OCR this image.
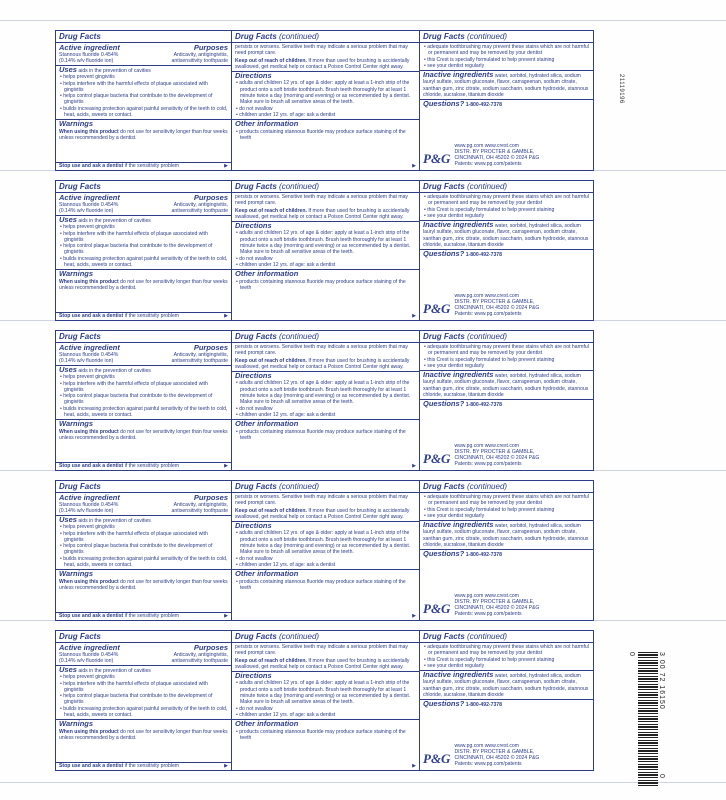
21119196
Drug Facts
Active ingredient	Purposes
Stannous fluoride 0.454%	Anticavity, antigingivitis,
(0.14% w/v fluoride ion)	antisensitivity toothpaste
Uses aids in the prevention of cavities
• helps prevent gingivitis
• helps interfere with the harmful effects of plaque associated with gingivitis
• helps control plaque bacteria that contribute to the development of gingivitis
• builds increasing protection against painful sensitivity of the teeth to cold, heat, acids, sweets or contact.
Warnings
When using this product do not use for sensitivity longer than four weeks unless recommended by a dentist.
Stop use and ask a dentist if the sensitivity problem	▶
Drug Facts (continued)
persists or worsens. Sensitive teeth may indicate a serious problem that may need prompt care.
Keep out of reach of children. If more than used for brushing is accidentally swallowed, get medical help or contact a Poison Control Center right away.
Directions
• adults and children 12 yrs. of age & older: apply at least a 1-inch strip of the product onto a soft bristle toothbrush. Brush teeth thoroughly for at least 1 minute twice a day (morning and evening) or as recommended by a dentist. Make sure to brush all sensitive areas of the teeth.
• do not swallow
• children under 12 yrs. of age: ask a dentist
Other information
• products containing stannous fluoride may produce surface staining of the teeth
▶
Drug Facts (continued)
• adequate toothbrushing may prevent these stains which are not harmful or permanent and may be removed by your dentist
• this Crest is specially formulated to help prevent staining
• see your dentist regularly
Inactive ingredients water, sorbitol, hydrated silica, sodium lauryl sulfate, sodium gluconate, flavor, carrageenan, sodium citrate, xanthan gum, zinc citrate, sodium saccharin, sodium hydroxide, stannous chloride, sucralose, titanium dioxide
Questions? 1-800-492-7378
P&G
www.pg.com www.crest.com
DISTR. BY PROCTER & GAMBLE,
CINCINNATI, OH 45202 © 2024 P&G
Patents: www.pg.com/patents
Drug Facts
Active ingredient	Purposes
Stannous fluoride 0.454%	Anticavity, antigingivitis,
(0.14% w/v fluoride ion)	antisensitivity toothpaste
Uses aids in the prevention of cavities
• helps prevent gingivitis
• helps interfere with the harmful effects of plaque associated with gingivitis
• helps control plaque bacteria that contribute to the development of gingivitis
• builds increasing protection against painful sensitivity of the teeth to cold, heat, acids, sweets or contact.
Warnings
When using this product do not use for sensitivity longer than four weeks unless recommended by a dentist.
Stop use and ask a dentist if the sensitivity problem	▶
Drug Facts (continued)
persists or worsens. Sensitive teeth may indicate a serious problem that may need prompt care.
Keep out of reach of children. If more than used for brushing is accidentally swallowed, get medical help or contact a Poison Control Center right away.
Directions
• adults and children 12 yrs. of age & older: apply at least a 1-inch strip of the product onto a soft bristle toothbrush. Brush teeth thoroughly for at least 1 minute twice a day (morning and evening) or as recommended by a dentist. Make sure to brush all sensitive areas of the teeth.
• do not swallow
• children under 12 yrs. of age: ask a dentist
Other information
• products containing stannous fluoride may produce surface staining of the teeth
▶
Drug Facts (continued)
• adequate toothbrushing may prevent these stains which are not harmful or permanent and may be removed by your dentist
• this Crest is specially formulated to help prevent staining
• see your dentist regularly
Inactive ingredients water, sorbitol, hydrated silica, sodium lauryl sulfate, sodium gluconate, flavor, carrageenan, sodium citrate, xanthan gum, zinc citrate, sodium saccharin, sodium hydroxide, stannous chloride, sucralose, titanium dioxide
Questions? 1-800-492-7378
P&G
www.pg.com www.crest.com
DISTR. BY PROCTER & GAMBLE,
CINCINNATI, OH 45202 © 2024 P&G
Patents: www.pg.com/patents
Drug Facts
Active ingredient	Purposes
Stannous fluoride 0.454%	Anticavity, antigingivitis,
(0.14% w/v fluoride ion)	antisensitivity toothpaste
Uses aids in the prevention of cavities
• helps prevent gingivitis
• helps interfere with the harmful effects of plaque associated with gingivitis
• helps control plaque bacteria that contribute to the development of gingivitis
• builds increasing protection against painful sensitivity of the teeth to cold, heat, acids, sweets or contact.
Warnings
When using this product do not use for sensitivity longer than four weeks unless recommended by a dentist.
Stop use and ask a dentist if the sensitivity problem	▶
Drug Facts (continued)
persists or worsens. Sensitive teeth may indicate a serious problem that may need prompt care.
Keep out of reach of children. If more than used for brushing is accidentally swallowed, get medical help or contact a Poison Control Center right away.
Directions
• adults and children 12 yrs. of age & older: apply at least a 1-inch strip of the product onto a soft bristle toothbrush. Brush teeth thoroughly for at least 1 minute twice a day (morning and evening) or as recommended by a dentist. Make sure to brush all sensitive areas of the teeth.
• do not swallow
• children under 12 yrs. of age: ask a dentist
Other information
• products containing stannous fluoride may produce surface staining of the teeth
▶
Drug Facts (continued)
• adequate toothbrushing may prevent these stains which are not harmful or permanent and may be removed by your dentist
• this Crest is specially formulated to help prevent staining
• see your dentist regularly
Inactive ingredients water, sorbitol, hydrated silica, sodium lauryl sulfate, sodium gluconate, flavor, carrageenan, sodium citrate, xanthan gum, zinc citrate, sodium saccharin, sodium hydroxide, stannous chloride, sucralose, titanium dioxide
Questions? 1-800-492-7378
P&G
www.pg.com www.crest.com
DISTR. BY PROCTER & GAMBLE,
CINCINNATI, OH 45202 © 2024 P&G
Patents: www.pg.com/patents
Drug Facts
Active ingredient	Purposes
Stannous fluoride 0.454%	Anticavity, antigingivitis,
(0.14% w/v fluoride ion)	antisensitivity toothpaste
Uses aids in the prevention of cavities
• helps prevent gingivitis
• helps interfere with the harmful effects of plaque associated with gingivitis
• helps control plaque bacteria that contribute to the development of gingivitis
• builds increasing protection against painful sensitivity of the teeth to cold, heat, acids, sweets or contact.
Warnings
When using this product do not use for sensitivity longer than four weeks unless recommended by a dentist.
Stop use and ask a dentist if the sensitivity problem	▶
Drug Facts (continued)
persists or worsens. Sensitive teeth may indicate a serious problem that may need prompt care.
Keep out of reach of children. If more than used for brushing is accidentally swallowed, get medical help or contact a Poison Control Center right away.
Directions
• adults and children 12 yrs. of age & older: apply at least a 1-inch strip of the product onto a soft bristle toothbrush. Brush teeth thoroughly for at least 1 minute twice a day (morning and evening) or as recommended by a dentist. Make sure to brush all sensitive areas of the teeth.
• do not swallow
• children under 12 yrs. of age: ask a dentist
Other information
• products containing stannous fluoride may produce surface staining of the teeth
▶
Drug Facts (continued)
• adequate toothbrushing may prevent these stains which are not harmful or permanent and may be removed by your dentist
• this Crest is specially formulated to help prevent staining
• see your dentist regularly
Inactive ingredients water, sorbitol, hydrated silica, sodium lauryl sulfate, sodium gluconate, flavor, carrageenan, sodium citrate, xanthan gum, zinc citrate, sodium saccharin, sodium hydroxide, stannous chloride, sucralose, titanium dioxide
Questions? 1-800-492-7378
P&G
www.pg.com www.crest.com
DISTR. BY PROCTER & GAMBLE,
CINCINNATI, OH 45202 © 2024 P&G
Patents: www.pg.com/patents
Drug Facts
Active ingredient	Purposes
Stannous fluoride 0.454%	Anticavity, antigingivitis,
(0.14% w/v fluoride ion)	antisensitivity toothpaste
Uses aids in the prevention of cavities
• helps prevent gingivitis
• helps interfere with the harmful effects of plaque associated with gingivitis
• helps control plaque bacteria that contribute to the development of gingivitis
• builds increasing protection against painful sensitivity of the teeth to cold, heat, acids, sweets or contact.
Warnings
When using this product do not use for sensitivity longer than four weeks unless recommended by a dentist.
Stop use and ask a dentist if the sensitivity problem	▶
Drug Facts (continued)
persists or worsens. Sensitive teeth may indicate a serious problem that may need prompt care.
Keep out of reach of children. If more than used for brushing is accidentally swallowed, get medical help or contact a Poison Control Center right away.
Directions
• adults and children 12 yrs. of age & older: apply at least a 1-inch strip of the product onto a soft bristle toothbrush. Brush teeth thoroughly for at least 1 minute twice a day (morning and evening) or as recommended by a dentist. Make sure to brush all sensitive areas of the teeth.
• do not swallow
• children under 12 yrs. of age: ask a dentist
Other information
• products containing stannous fluoride may produce surface staining of the teeth
▶
Drug Facts (continued)
• adequate toothbrushing may prevent these stains which are not harmful or permanent and may be removed by your dentist
• this Crest is specially formulated to help prevent staining
• see your dentist regularly
Inactive ingredients water, sorbitol, hydrated silica, sodium lauryl sulfate, sodium gluconate, flavor, carrageenan, sodium citrate, xanthan gum, zinc citrate, sodium saccharin, sodium hydroxide, stannous chloride, sucralose, titanium dioxide
Questions? 1-800-492-7378
P&G
www.pg.com www.crest.com
DISTR. BY PROCTER & GAMBLE,
CINCINNATI, OH 45202 © 2024 P&G
Patents: www.pg.com/patents
3 00 72 16150
0
0
